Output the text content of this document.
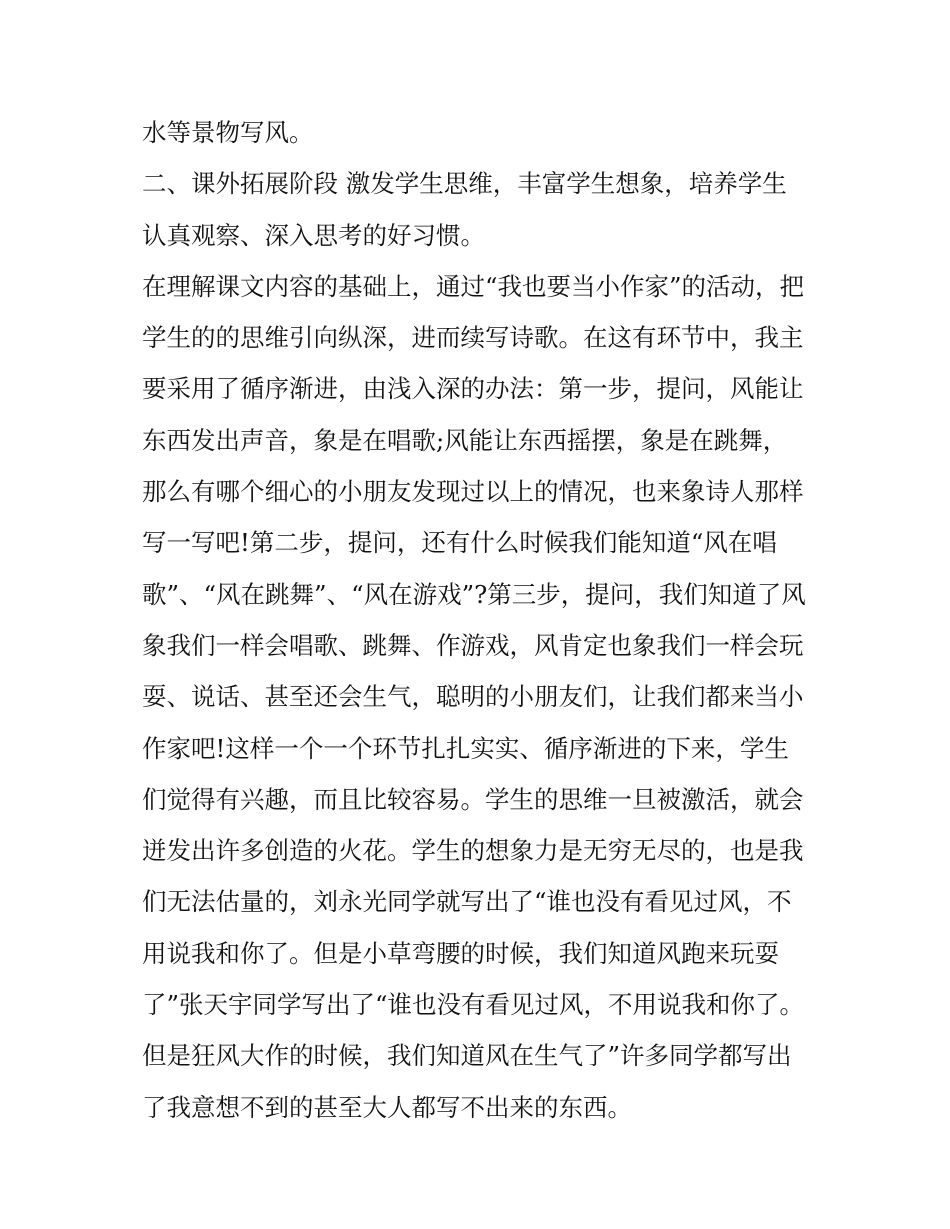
水等景物写风。
二、课外拓展阶段 激发学生思维，丰富学生想象，培养学生
认真观察、深入思考的好习惯。
在理解课文内容的基础上，通过“我也要当小作家”的活动，把
学生的的思维引向纵深，进而续写诗歌。在这有环节中，我主
要采用了循序渐进，由浅入深的办法：第一步，提问，风能让
东西发出声音，象是在唱歌;风能让东西摇摆，象是在跳舞，
那么有哪个细心的小朋友发现过以上的情况，也来象诗人那样
写一写吧!第二步，提问，还有什么时候我们能知道“风在唱
歌”、“风在跳舞”、“风在游戏”?第三步，提问，我们知道了风
象我们一样会唱歌、跳舞、作游戏，风肯定也象我们一样会玩
耍、说话、甚至还会生气，聪明的小朋友们，让我们都来当小
作家吧!这样一个一个环节扎扎实实、循序渐进的下来，学生
们觉得有兴趣，而且比较容易。学生的思维一旦被激活，就会
迸发出许多创造的火花。学生的想象力是无穷无尽的，也是我
们无法估量的，刘永光同学就写出了“谁也没有看见过风，不
用说我和你了。但是小草弯腰的时候，我们知道风跑来玩耍
了”张天宇同学写出了“谁也没有看见过风，不用说我和你了。
但是狂风大作的时候，我们知道风在生气了”许多同学都写出
了我意想不到的甚至大人都写不出来的东西。
